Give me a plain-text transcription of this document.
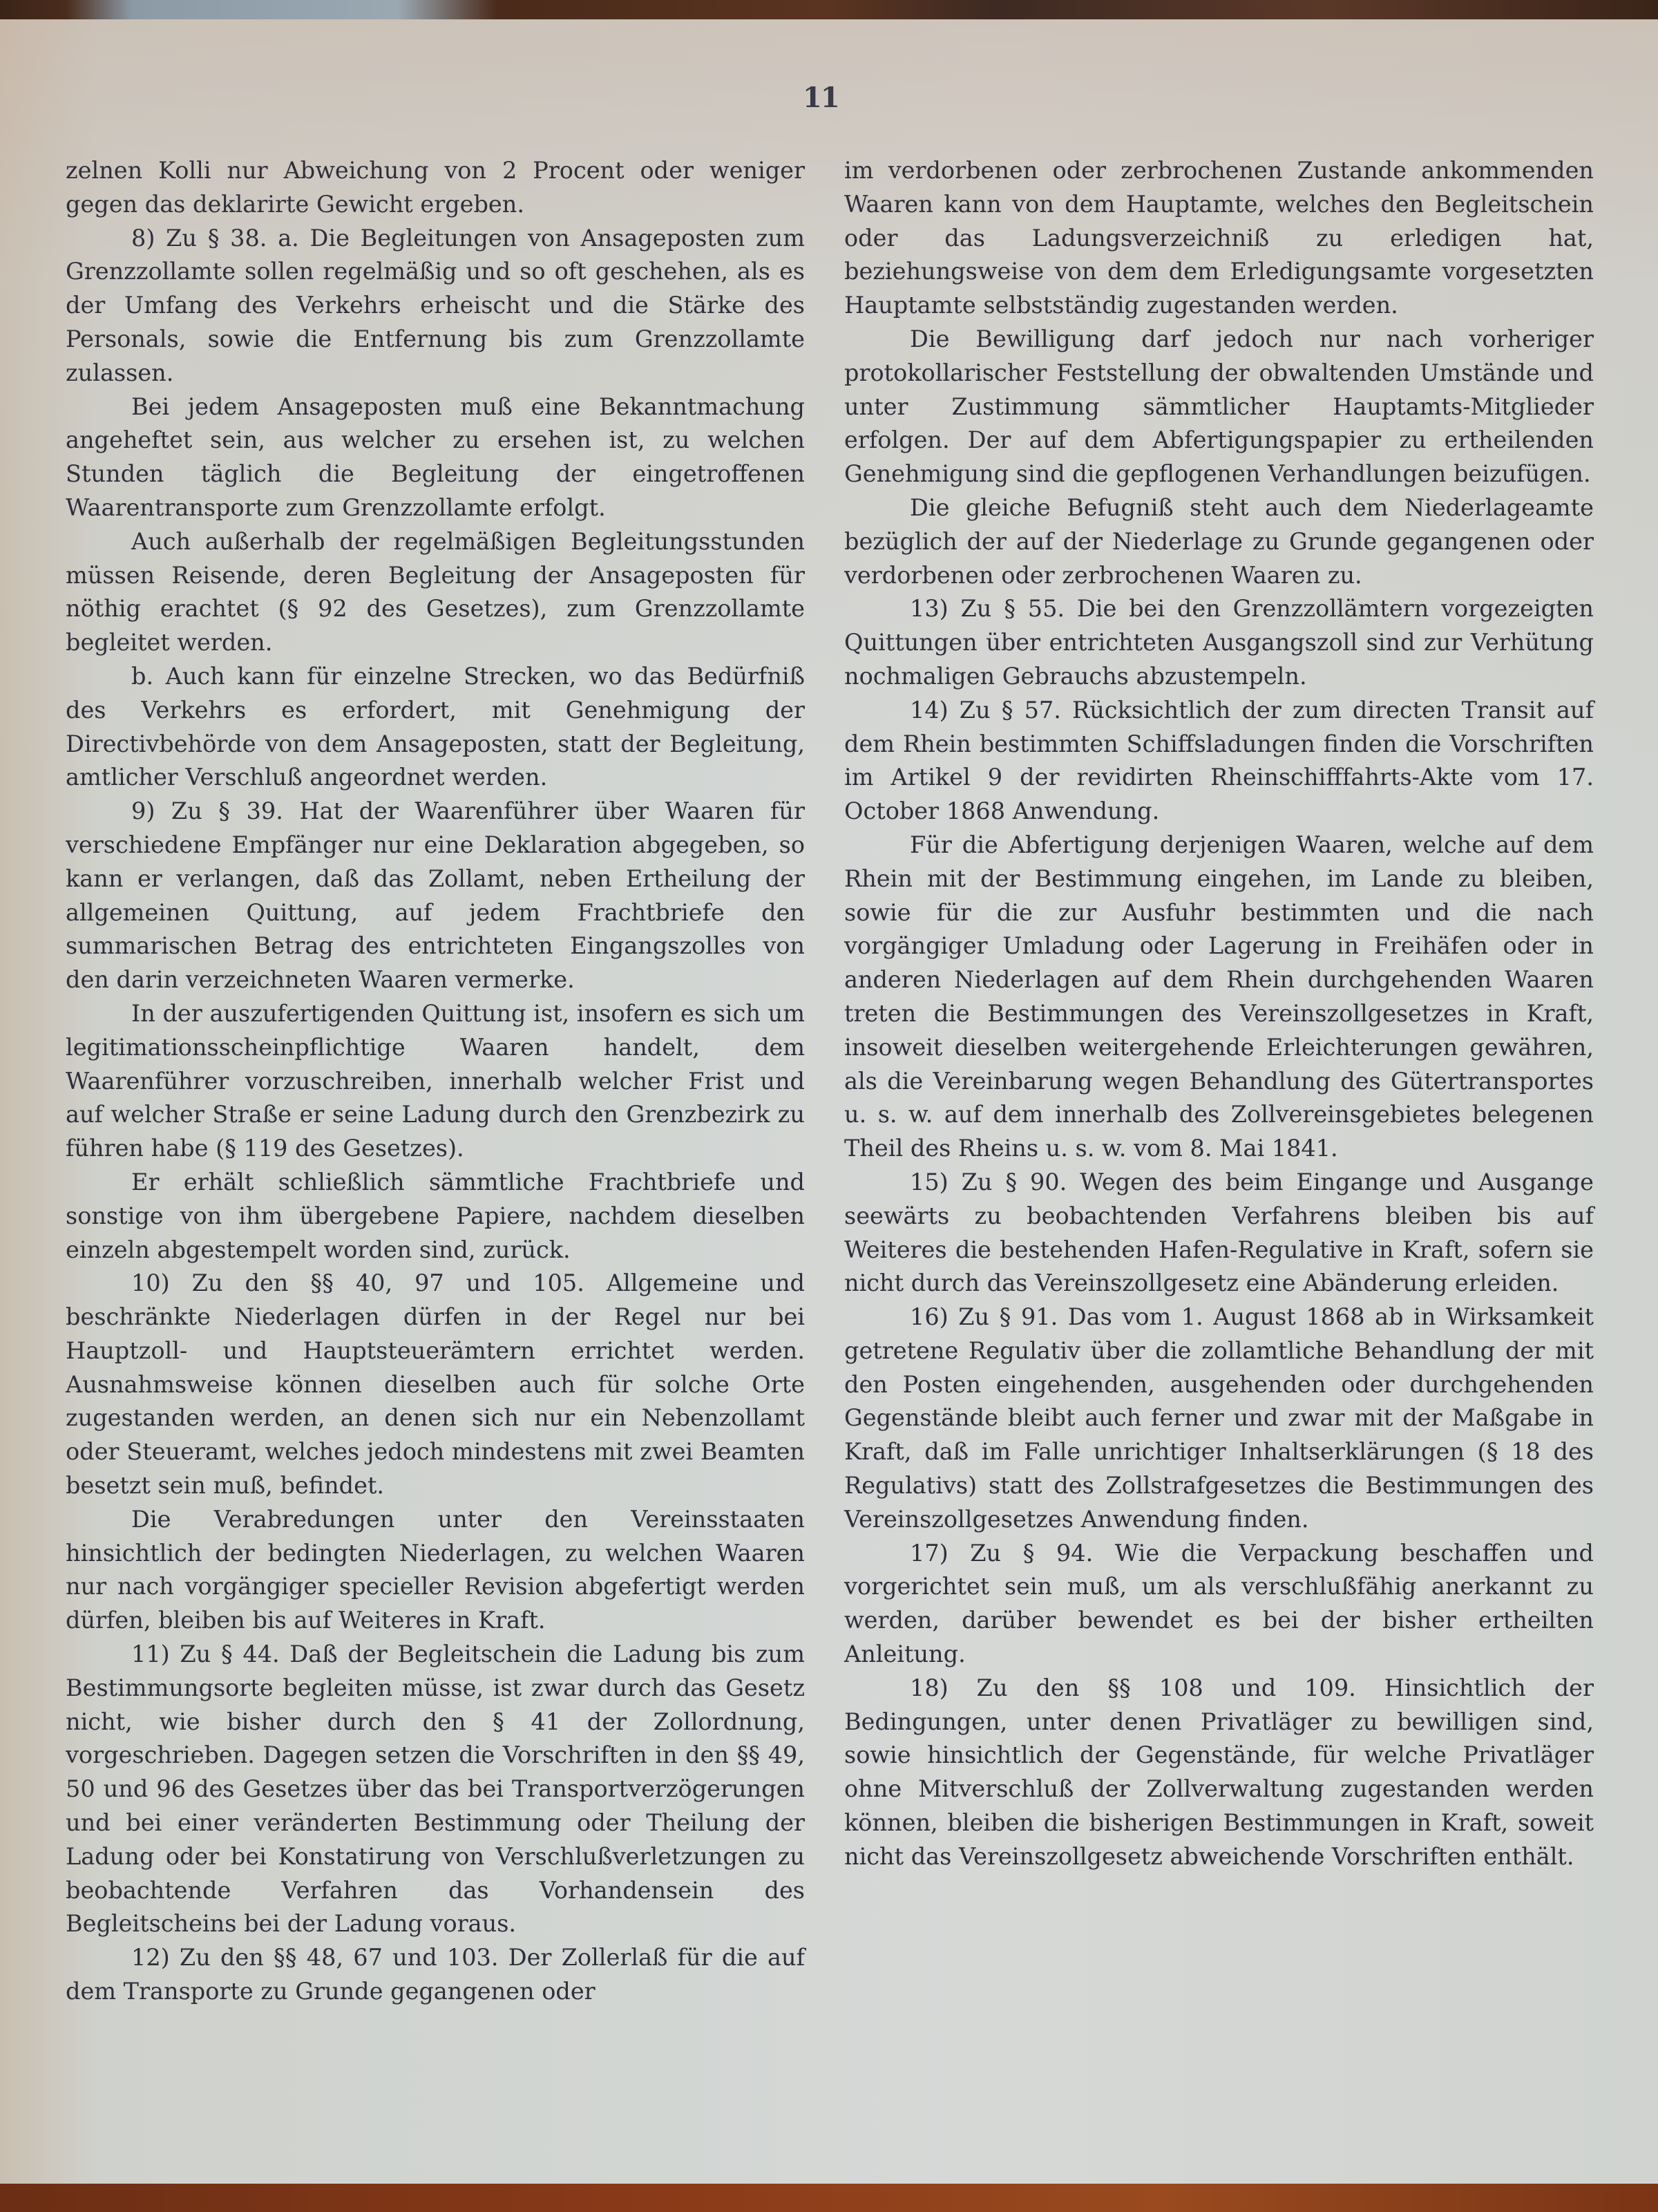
11

zelnen Kolli nur Abweichung von 2 Procent oder weniger gegen das deklarirte Gewicht ergeben.

8) Zu § 38. a. Die Begleitungen von Ansageposten zum Grenzzollamte sollen regelmäßig und so oft geschehen, als es der Umfang des Verkehrs erheischt und die Stärke des Personals, sowie die Entfernung bis zum Grenzzollamte zulassen.

Bei jedem Ansageposten muß eine Bekanntmachung angeheftet sein, aus welcher zu ersehen ist, zu welchen Stunden täglich die Begleitung der eingetroffenen Waarentransporte zum Grenzzollamte erfolgt.

Auch außerhalb der regelmäßigen Begleitungsstunden müssen Reisende, deren Begleitung der Ansageposten für nöthig erachtet (§ 92 des Gesetzes), zum Grenzzollamte begleitet werden.

b. Auch kann für einzelne Strecken, wo das Bedürfniß des Verkehrs es erfordert, mit Genehmigung der Directivbehörde von dem Ansageposten, statt der Begleitung, amtlicher Verschluß angeordnet werden.

9) Zu § 39. Hat der Waarenführer über Waaren für verschiedene Empfänger nur eine Deklaration abgegeben, so kann er verlangen, daß das Zollamt, neben Ertheilung der allgemeinen Quittung, auf jedem Frachtbriefe den summarischen Betrag des entrichteten Eingangszolles von den darin verzeichneten Waaren vermerke.

In der auszufertigenden Quittung ist, insofern es sich um legitimationsscheinpflichtige Waaren handelt, dem Waarenführer vorzuschreiben, innerhalb welcher Frist und auf welcher Straße er seine Ladung durch den Grenzbezirk zu führen habe (§ 119 des Gesetzes).

Er erhält schließlich sämmtliche Frachtbriefe und sonstige von ihm übergebene Papiere, nachdem dieselben einzeln abgestempelt worden sind, zurück.

10) Zu den §§ 40, 97 und 105. Allgemeine und beschränkte Niederlagen dürfen in der Regel nur bei Hauptzoll- und Hauptsteuerämtern errichtet werden. Ausnahmsweise können dieselben auch für solche Orte zugestanden werden, an denen sich nur ein Nebenzollamt oder Steueramt, welches jedoch mindestens mit zwei Beamten besetzt sein muß, befindet.

Die Verabredungen unter den Vereinsstaaten hinsichtlich der bedingten Niederlagen, zu welchen Waaren nur nach vorgängiger specieller Revision abgefertigt werden dürfen, bleiben bis auf Weiteres in Kraft.

11) Zu § 44. Daß der Begleitschein die Ladung bis zum Bestimmungsorte begleiten müsse, ist zwar durch das Gesetz nicht, wie bisher durch den § 41 der Zollordnung, vorgeschrieben. Dagegen setzen die Vorschriften in den §§ 49, 50 und 96 des Gesetzes über das bei Transportverzögerungen und bei einer veränderten Bestimmung oder Theilung der Ladung oder bei Konstatirung von Verschlußverletzungen zu beobachtende Verfahren das Vorhandensein des Begleitscheins bei der Ladung voraus.

12) Zu den §§ 48, 67 und 103. Der Zollerlaß für die auf dem Transporte zu Grunde gegangenen oder

im verdorbenen oder zerbrochenen Zustande ankommenden Waaren kann von dem Hauptamte, welches den Begleitschein oder das Ladungsverzeichniß zu erledigen hat, beziehungsweise von dem dem Erledigungsamte vorgesetzten Hauptamte selbstständig zugestanden werden.

Die Bewilligung darf jedoch nur nach vorheriger protokollarischer Feststellung der obwaltenden Umstände und unter Zustimmung sämmtlicher Hauptamts-Mitglieder erfolgen. Der auf dem Abfertigungspapier zu ertheilenden Genehmigung sind die gepflogenen Verhandlungen beizufügen.

Die gleiche Befugniß steht auch dem Niederlageamte bezüglich der auf der Niederlage zu Grunde gegangenen oder verdorbenen oder zerbrochenen Waaren zu.

13) Zu § 55. Die bei den Grenzzollämtern vorgezeigten Quittungen über entrichteten Ausgangszoll sind zur Verhütung nochmaligen Gebrauchs abzustempeln.

14) Zu § 57. Rücksichtlich der zum directen Transit auf dem Rhein bestimmten Schiffsladungen finden die Vorschriften im Artikel 9 der revidirten Rheinschifffahrts-Akte vom 17. October 1868 Anwendung.

Für die Abfertigung derjenigen Waaren, welche auf dem Rhein mit der Bestimmung eingehen, im Lande zu bleiben, sowie für die zur Ausfuhr bestimmten und die nach vorgängiger Umladung oder Lagerung in Freihäfen oder in anderen Niederlagen auf dem Rhein durchgehenden Waaren treten die Bestimmungen des Vereinszollgesetzes in Kraft, insoweit dieselben weitergehende Erleichterungen gewähren, als die Vereinbarung wegen Behandlung des Gütertransportes u. s. w. auf dem innerhalb des Zollvereinsgebietes belegenen Theil des Rheins u. s. w. vom 8. Mai 1841.

15) Zu § 90. Wegen des beim Eingange und Ausgange seewärts zu beobachtenden Verfahrens bleiben bis auf Weiteres die bestehenden Hafen-Regulative in Kraft, sofern sie nicht durch das Vereinszollgesetz eine Abänderung erleiden.

16) Zu § 91. Das vom 1. August 1868 ab in Wirksamkeit getretene Regulativ über die zollamtliche Behandlung der mit den Posten eingehenden, ausgehenden oder durchgehenden Gegenstände bleibt auch ferner und zwar mit der Maßgabe in Kraft, daß im Falle unrichtiger Inhaltserklärungen (§ 18 des Regulativs) statt des Zollstrafgesetzes die Bestimmungen des Vereinszollgesetzes Anwendung finden.

17) Zu § 94. Wie die Verpackung beschaffen und vorgerichtet sein muß, um als verschlußfähig anerkannt zu werden, darüber bewendet es bei der bisher ertheilten Anleitung.

18) Zu den §§ 108 und 109. Hinsichtlich der Bedingungen, unter denen Privatläger zu bewilligen sind, sowie hinsichtlich der Gegenstände, für welche Privatläger ohne Mitverschluß der Zollverwaltung zugestanden werden können, bleiben die bisherigen Bestimmungen in Kraft, soweit nicht das Vereinszollgesetz abweichende Vorschriften enthält.
